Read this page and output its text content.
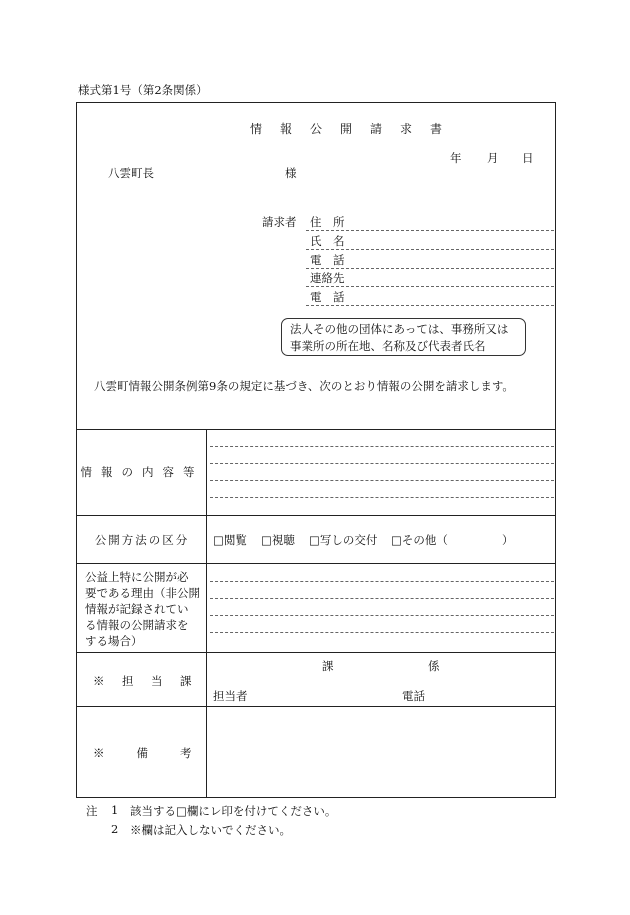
様式第1号（第2条関係）
情報公開請求書
年 月 日
八雲町長	様
請求者 住　所
氏　名
電　話
連絡先
電　話
法人その他の団体にあっては、事務所又は
事業所の所在地、名称及び代表者氏名
八雲町情報公開条例第9条の規定に基づき、次のとおり情報の公開を請求します。
情報の内容等
公開方法の区分	□閲覧 □視聴 □写しの交付 □その他（	）
公益上特に公開が必
要である理由（非公開
情報が記録されてい
る情報の公開請求を
する場合）
※　担　当　課
課	係
担当者	電話
※　　備　　考
注 1 該当する□欄にレ印を付けてください。
2 ※欄は記入しないでください。
